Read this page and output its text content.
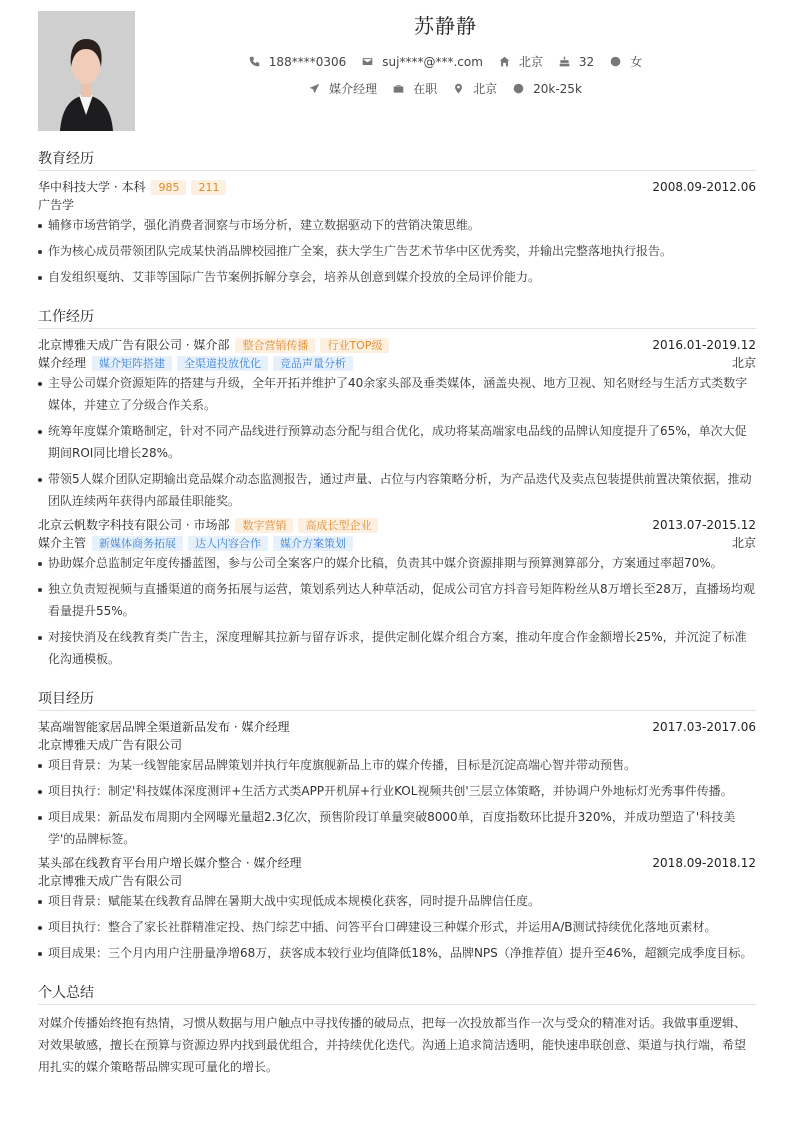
苏静静
188****0306	suj****@***.com	北京	32	女
媒介经理	在职	北京	20k-25k
教育经历
华中科技大学 · 本科	985	211	2008.09-2012.06
广告学
辅修市场营销学，强化消费者洞察与市场分析，建立数据驱动下的营销决策思维。
作为核心成员带领团队完成某快消品牌校园推广全案，获大学生广告艺术节华中区优秀奖，并输出完整落地执行报告。
自发组织戛纳、艾菲等国际广告节案例拆解分享会，培养从创意到媒介投放的全局评价能力。
工作经历
北京博雅天成广告有限公司 · 媒介部	整合营销传播	行业TOP级	2016.01-2019.12
媒介经理	媒介矩阵搭建	全渠道投放优化	竞品声量分析	北京
主导公司媒介资源矩阵的搭建与升级，全年开拓并维护了40余家头部及垂类媒体，涵盖央视、地方卫视、知名财经与生活方式类数字媒体，并建立了分级合作关系。
统筹年度媒介策略制定，针对不同产品线进行预算动态分配与组合优化，成功将某高端家电品线的品牌认知度提升了65%，单次大促期间ROI同比增长28%。
带领5人媒介团队定期输出竞品媒介动态监测报告，通过声量、占位与内容策略分析，为产品迭代及卖点包装提供前置决策依据，推动团队连续两年获得内部最佳职能奖。
北京云帆数字科技有限公司 · 市场部	数字营销	高成长型企业	2013.07-2015.12
媒介主管	新媒体商务拓展	达人内容合作	媒介方案策划	北京
协助媒介总监制定年度传播蓝图，参与公司全案客户的媒介比稿，负责其中媒介资源排期与预算测算部分，方案通过率超70%。
独立负责短视频与直播渠道的商务拓展与运营，策划系列达人种草活动，促成公司官方抖音号矩阵粉丝从8万增长至28万，直播场均观看量提升55%。
对接快消及在线教育类广告主，深度理解其拉新与留存诉求，提供定制化媒介组合方案，推动年度合作金额增长25%，并沉淀了标准化沟通模板。
项目经历
某高端智能家居品牌全渠道新品发布 · 媒介经理	2017.03-2017.06
北京博雅天成广告有限公司
项目背景：为某一线智能家居品牌策划并执行年度旗舰新品上市的媒介传播，目标是沉淀高端心智并带动预售。
项目执行：制定'科技媒体深度测评+生活方式类APP开机屏+行业KOL视频共创'三层立体策略，并协调户外地标灯光秀事件传播。
项目成果：新品发布周期内全网曝光量超2.3亿次，预售阶段订单量突破8000单，百度指数环比提升320%，并成功塑造了'科技美学'的品牌标签。
某头部在线教育平台用户增长媒介整合 · 媒介经理	2018.09-2018.12
北京博雅天成广告有限公司
项目背景：赋能某在线教育品牌在暑期大战中实现低成本规模化获客，同时提升品牌信任度。
项目执行：整合了家长社群精准定投、热门综艺中插、问答平台口碑建设三种媒介形式，并运用A/B测试持续优化落地页素材。
项目成果：三个月内用户注册量净增68万，获客成本较行业均值降低18%，品牌NPS（净推荐值）提升至46%，超额完成季度目标。
个人总结
对媒介传播始终抱有热情，习惯从数据与用户触点中寻找传播的破局点，把每一次投放都当作一次与受众的精准对话。我做事重逻辑、对效果敏感，擅长在预算与资源边界内找到最优组合，并持续优化迭代。沟通上追求简洁透明，能快速串联创意、渠道与执行端，希望用扎实的媒介策略帮品牌实现可量化的增长。
